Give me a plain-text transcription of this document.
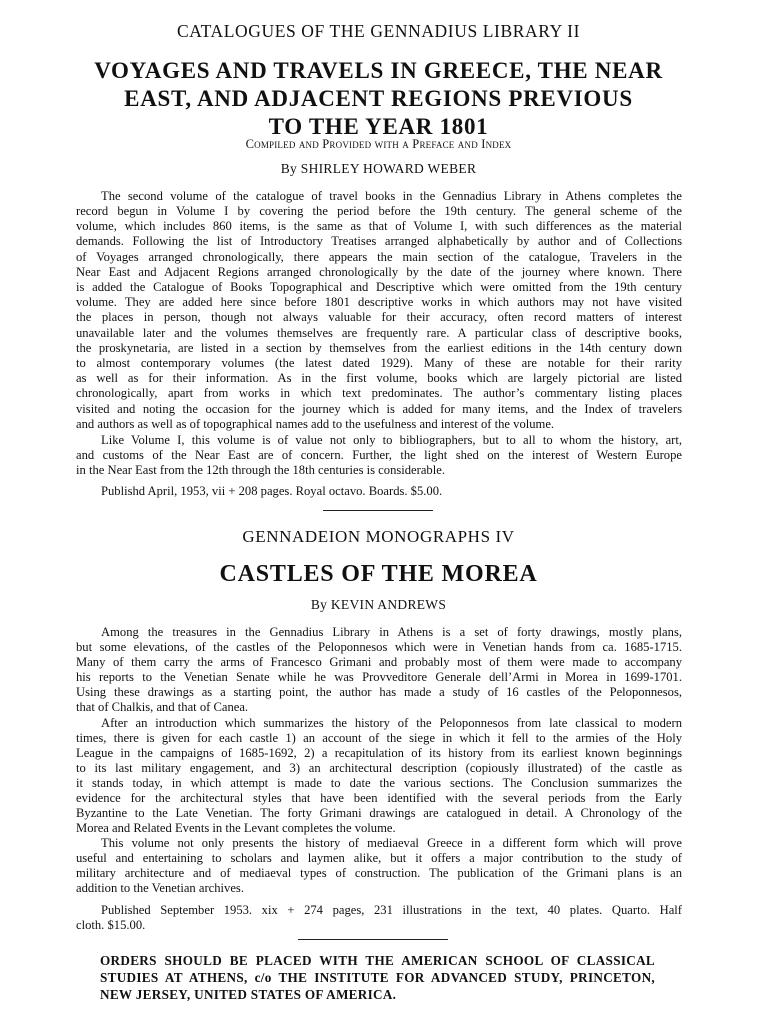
CATALOGUES OF THE GENNADIUS LIBRARY II
VOYAGES AND TRAVELS IN GREECE, THE NEAR
EAST, AND ADJACENT REGIONS PREVIOUS
TO THE YEAR 1801
Compiled and Provided with a Preface and Index
By SHIRLEY HOWARD WEBER
The second volume of the catalogue of travel books in the Gennadius Library in Athens completes the
record begun in Volume I by covering the period before the 19th century. The general scheme of the
volume, which includes 860 items, is the same as that of Volume I, with such differences as the material
demands. Following the list of Introductory Treatises arranged alphabetically by author and of Collections
of Voyages arranged chronologically, there appears the main section of the catalogue, Travelers in the
Near East and Adjacent Regions arranged chronologically by the date of the journey where known. There
is added the Catalogue of Books Topographical and Descriptive which were omitted from the 19th century
volume. They are added here since before 1801 descriptive works in which authors may not have visited
the places in person, though not always valuable for their accuracy, often record matters of interest
unavailable later and the volumes themselves are frequently rare. A particular class of descriptive books,
the proskynetaria, are listed in a section by themselves from the earliest editions in the 14th century down
to almost contemporary volumes (the latest dated 1929). Many of these are notable for their rarity
as well as for their information. As in the first volume, books which are largely pictorial are listed
chronologically, apart from works in which text predominates. The author’s commentary listing places
visited and noting the occasion for the journey which is added for many items, and the Index of travelers
and authors as well as of topographical names add to the usefulness and interest of the volume.
Like Volume I, this volume is of value not only to bibliographers, but to all to whom the history, art,
and customs of the Near East are of concern. Further, the light shed on the interest of Western Europe
in the Near East from the 12th through the 18th centuries is considerable.
Publishd April, 1953, vii + 208 pages. Royal octavo. Boards. $5.00.
GENNADEION MONOGRAPHS IV
CASTLES OF THE MOREA
By KEVIN ANDREWS
Among the treasures in the Gennadius Library in Athens is a set of forty drawings, mostly plans,
but some elevations, of the castles of the Peloponnesos which were in Venetian hands from ca. 1685-1715.
Many of them carry the arms of Francesco Grimani and probably most of them were made to accompany
his reports to the Venetian Senate while he was Provveditore Generale dell’Armi in Morea in 1699-1701.
Using these drawings as a starting point, the author has made a study of 16 castles of the Peloponnesos,
that of Chalkis, and that of Canea.
After an introduction which summarizes the history of the Peloponnesos from late classical to modern
times, there is given for each castle 1) an account of the siege in which it fell to the armies of the Holy
League in the campaigns of 1685-1692, 2) a recapitulation of its history from its earliest known beginnings
to its last military engagement, and 3) an architectural description (copiously illustrated) of the castle as
it stands today, in which attempt is made to date the various sections. The Conclusion summarizes the
evidence for the architectural styles that have been identified with the several periods from the Early
Byzantine to the Late Venetian. The forty Grimani drawings are catalogued in detail. A Chronology of the
Morea and Related Events in the Levant completes the volume.
This volume not only presents the history of mediaeval Greece in a different form which will prove
useful and entertaining to scholars and laymen alike, but it offers a major contribution to the study of
military architecture and of mediaeval types of construction. The publication of the Grimani plans is an
addition to the Venetian archives.
Published September 1953. xix + 274 pages, 231 illustrations in the text, 40 plates. Quarto. Half
cloth. $15.00.
ORDERS SHOULD BE PLACED WITH THE AMERICAN SCHOOL OF CLASSICAL
STUDIES AT ATHENS, c/o THE INSTITUTE FOR ADVANCED STUDY, PRINCETON,
NEW JERSEY, UNITED STATES OF AMERICA.
